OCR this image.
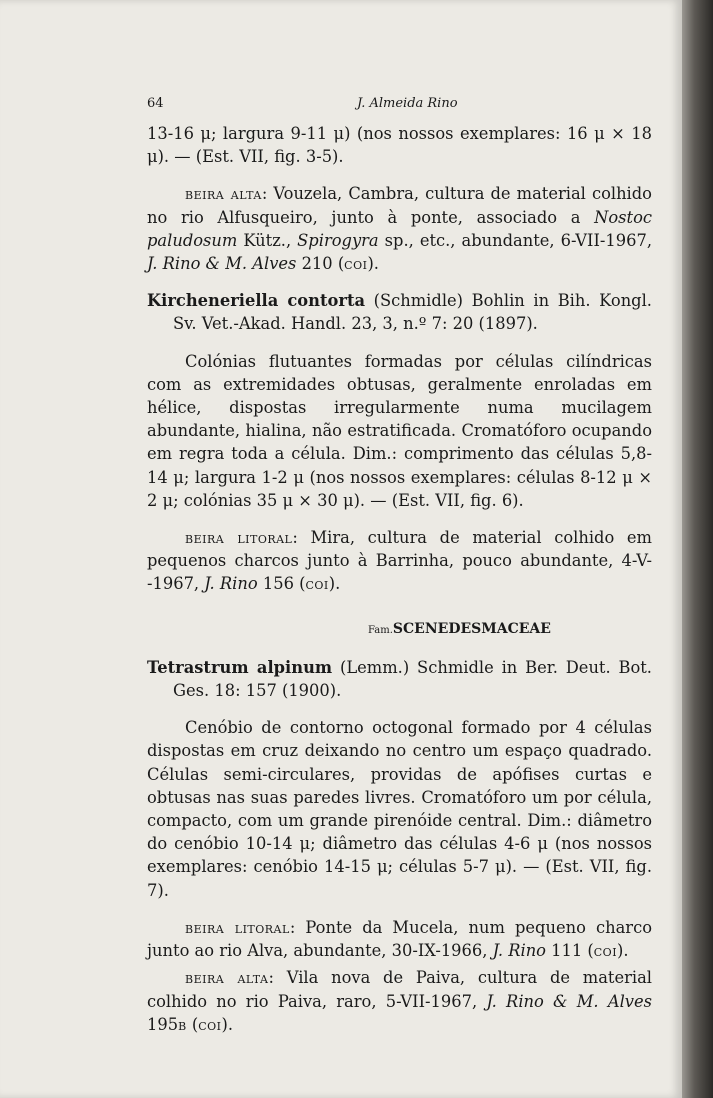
64	J. Almeida Rino

13-16 μ; largura 9-11 μ) (nos nossos exemplares: 16 μ × 18 μ). — (Est. VII, fig. 3-5).

beira alta: Vouzela, Cambra, cultura de material colhido no rio Alfusqueiro, junto à ponte, associado a Nostoc paludosum Kütz., Spirogyra sp., etc., abundante, 6-VII-1967, J. Rino & M. Alves 210 (coi).

Kircheneriella contorta (Schmidle) Bohlin in Bih. Kongl. Sv. Vet.-Akad. Handl. 23, 3, n.º 7: 20 (1897).

Colónias flutuantes formadas por células cilíndricas com as extremidades obtusas, geralmente enroladas em hélice, dispostas irregularmente numa mucilagem abundante, hialina, não estratificada. Cromatóforo ocupando em regra toda a célula. Dim.: comprimento das células 5,8-14 μ; largura 1-2 μ (nos nossos exemplares: células 8-12 μ × 2 μ; colónias 35 μ × 30 μ). — (Est. VII, fig. 6).

beira litoral: Mira, cultura de material colhido em pequenos charcos junto à Barrinha, pouco abundante, 4-V--1967, J. Rino 156 (coi).

Fam.SCENEDESMACEAE

Tetrastrum alpinum (Lemm.) Schmidle in Ber. Deut. Bot. Ges. 18: 157 (1900).

Cenóbio de contorno octogonal formado por 4 células dispostas em cruz deixando no centro um espaço quadrado. Células semi-circulares, providas de apófises curtas e obtusas nas suas paredes livres. Cromatóforo um por célula, compacto, com um grande pirenóide central. Dim.: diâmetro do cenóbio 10-14 μ; diâmetro das células 4-6 μ (nos nossos exemplares: cenóbio 14-15 μ; células 5-7 μ). — (Est. VII, fig. 7).

beira litoral: Ponte da Mucela, num pequeno charco junto ao rio Alva, abundante, 30-IX-1966, J. Rino 111 (coi).

beira alta: Vila nova de Paiva, cultura de material colhido no rio Paiva, raro, 5-VII-1967, J. Rino & M. Alves 195b (coi).
